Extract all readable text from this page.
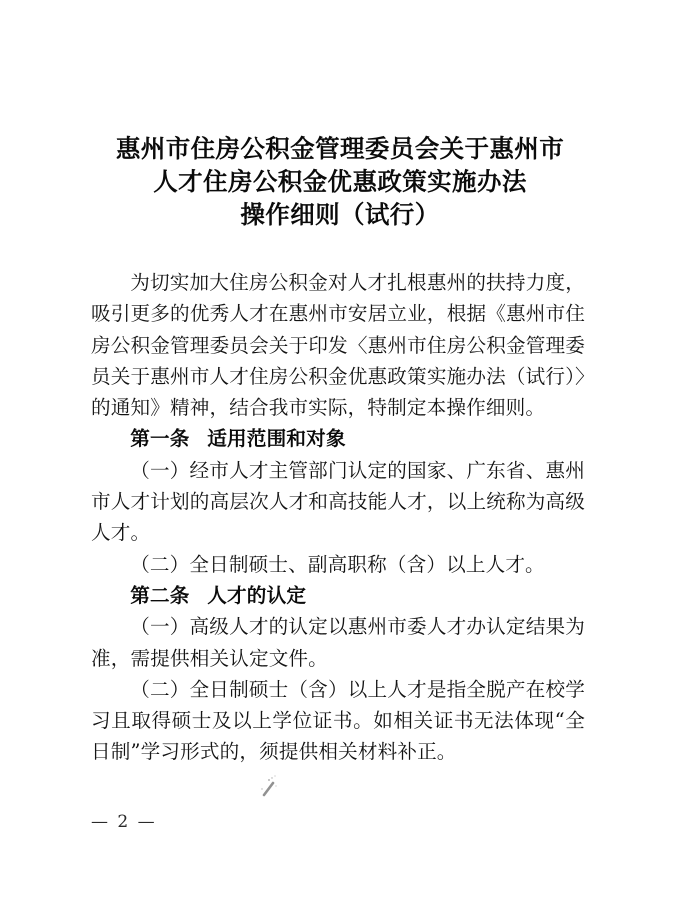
惠州市住房公积金管理委员会关于惠州市
人才住房公积金优惠政策实施办法
操作细则（试行）

为切实加大住房公积金对人才扎根惠州的扶持力度，吸引更多的优秀人才在惠州市安居立业，根据《惠州市住房公积金管理委员会关于印发〈惠州市住房公积金管理委员关于惠州市人才住房公积金优惠政策实施办法（试行）〉的通知》精神，结合我市实际，特制定本操作细则。

第一条 适用范围和对象

（一）经市人才主管部门认定的国家、广东省、惠州市人才计划的高层次人才和高技能人才，以上统称为高级人才。

（二）全日制硕士、副高职称（含）以上人才。

第二条 人才的认定

（一）高级人才的认定以惠州市委人才办认定结果为准，需提供相关认定文件。

（二）全日制硕士（含）以上人才是指全脱产在校学习且取得硕士及以上学位证书。如相关证书无法体现“全日制”学习形式的，须提供相关材料补正。

— 2 —
